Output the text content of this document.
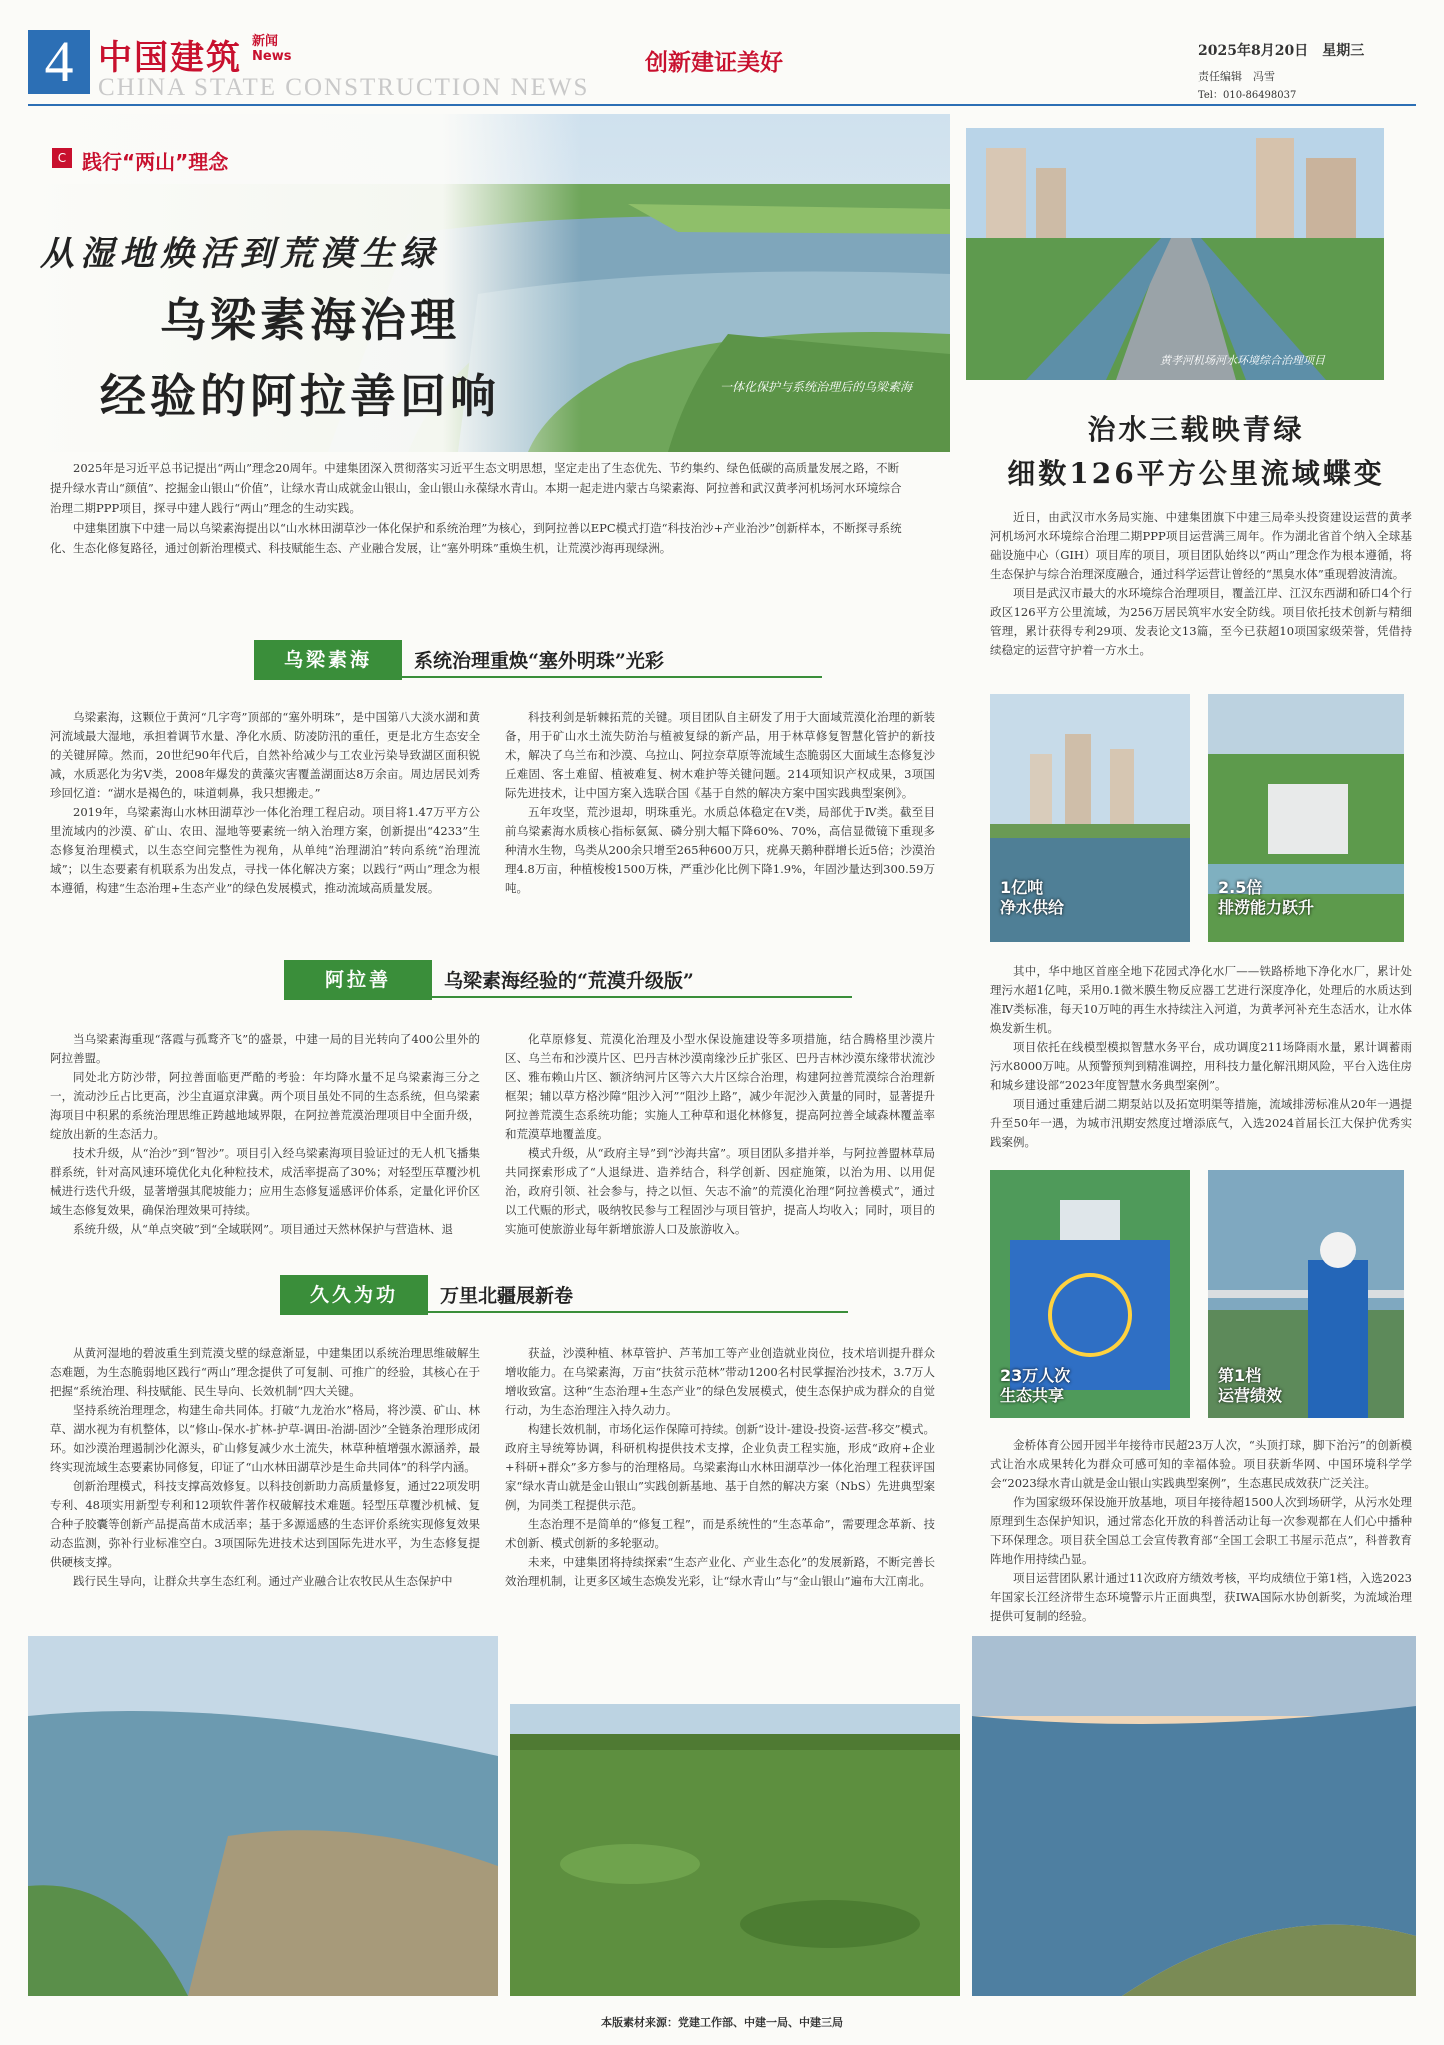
4 中国建筑 新闻
News
CHINA STATE CONSTRUCTION NEWS
创新建证美好	2025年8月20日　星期三
责任编辑　冯雪
Tel：010-86498037
C 践行“两山”理念
从湿地焕活到荒漠生绿
乌梁素海治理
经验的阿拉善回响	一体化保护与系统治理后的乌梁素海

2025年是习近平总书记提出“两山”理念20周年。中建集团深入贯彻落实习近平生态文明思想，坚定走出了生态优先、节约集约、绿色低碳的高质量发展之路，不断提升绿水青山“颜值”、挖掘金山银山“价值”，让绿水青山成就金山银山，金山银山永葆绿水青山。本期一起走进内蒙古乌梁素海、阿拉善和武汉黄孝河机场河水环境综合治理二期PPP项目，探寻中建人践行“两山”理念的生动实践。

中建集团旗下中建一局以乌梁素海提出以“山水林田湖草沙一体化保护和系统治理”为核心，到阿拉善以EPC模式打造“科技治沙+产业治沙”创新样本，不断探寻系统化、生态化修复路径，通过创新治理模式、科技赋能生态、产业融合发展，让“塞外明珠”重焕生机，让荒漠沙海再现绿洲。

乌梁素海	系统治理重焕“塞外明珠”光彩

乌梁素海，这颗位于黄河“几字弯”顶部的“塞外明珠”，是中国第八大淡水湖和黄河流域最大湿地，承担着调节水量、净化水质、防凌防汛的重任，更是北方生态安全的关键屏障。然而，20世纪90年代后，自然补给减少与工农业污染导致湖区面积锐减，水质恶化为劣Ⅴ类，2008年爆发的黄藻灾害覆盖湖面达8万余亩。周边居民刘秀珍回忆道：“湖水是褐色的，味道刺鼻，我只想搬走。”

2019年，乌梁素海山水林田湖草沙一体化治理工程启动。项目将1.47万平方公里流域内的沙漠、矿山、农田、湿地等要素统一纳入治理方案，创新提出“4233”生态修复治理模式，以生态空间完整性为视角，从单纯“治理湖泊”转向系统“治理流域”；以生态要素有机联系为出发点，寻找一体化解决方案；以践行“两山”理念为根本遵循，构建“生态治理+生态产业”的绿色发展模式，推动流域高质量发展。

科技利剑是斩棘拓荒的关键。项目团队自主研发了用于大面域荒漠化治理的新装备，用于矿山水土流失防治与植被复绿的新产品，用于林草修复智慧化管护的新技术，解决了乌兰布和沙漠、乌拉山、阿拉奈草原等流域生态脆弱区大面域生态修复沙丘难固、客土难留、植被难复、树木难护等关键问题。214项知识产权成果，3项国际先进技术，让中国方案入选联合国《基于自然的解决方案中国实践典型案例》。

五年攻坚，荒沙退却，明珠重光。水质总体稳定在Ⅴ类，局部优于Ⅳ类。截至目前乌梁素海水质核心指标氨氮、磷分别大幅下降60%、70%，高信显微镜下重现多种清水生物，鸟类从200余只增至265种600万只，疣鼻天鹅种群增长近5倍；沙漠治理4.8万亩，种植梭梭1500万株，严重沙化比例下降1.9%，年固沙量达到300.59万吨。

阿拉善	乌梁素海经验的“荒漠升级版”

当乌梁素海重现“落霞与孤鹜齐飞”的盛景，中建一局的目光转向了400公里外的阿拉善盟。

同处北方防沙带，阿拉善面临更严酷的考验：年均降水量不足乌梁素海三分之一，流动沙丘占比更高，沙尘直逼京津冀。两个项目虽处不同的生态系统，但乌梁素海项目中积累的系统治理思维正跨越地域界限，在阿拉善荒漠治理项目中全面升级，绽放出新的生态活力。

技术升级，从“治沙”到“智沙”。项目引入经乌梁素海项目验证过的无人机飞播集群系统，针对高风速环境优化丸化种粒技术，成活率提高了30%；对轻型压草覆沙机械进行迭代升级，显著增强其爬坡能力；应用生态修复遥感评价体系，定量化评价区域生态修复效果，确保治理效果可持续。

系统升级，从“单点突破”到“全域联网”。项目通过天然林保护与营造林、退

化草原修复、荒漠化治理及小型水保设施建设等多项措施，结合腾格里沙漠片区、乌兰布和沙漠片区、巴丹吉林沙漠南缘沙丘扩张区、巴丹吉林沙漠东缘带状流沙区、雅布赖山片区、额济纳河片区等六大片区综合治理，构建阿拉善荒漠综合治理新框架；辅以草方格沙障“阻沙入河”“阻沙上路”，减少年泥沙入黄量的同时，显著提升阿拉善荒漠生态系统功能；实施人工种草和退化林修复，提高阿拉善全域森林覆盖率和荒漠草地覆盖度。

模式升级，从“政府主导”到“沙海共富”。项目团队多措并举，与阿拉善盟林草局共同探索形成了“人退绿进、造养结合，科学创新、因症施策，以治为用、以用促治，政府引领、社会参与，持之以恒、矢志不渝”的荒漠化治理“阿拉善模式”，通过以工代赈的形式，吸纳牧民参与工程固沙与项目管护，提高人均收入；同时，项目的实施可使旅游业每年新增旅游人口及旅游收入。

久久为功	万里北疆展新卷

从黄河湿地的碧波重生到荒漠戈壁的绿意渐显，中建集团以系统治理思维破解生态难题，为生态脆弱地区践行“两山”理念提供了可复制、可推广的经验，其核心在于把握“系统治理、科技赋能、民生导向、长效机制”四大关键。

坚持系统治理理念，构建生命共同体。打破“九龙治水”格局，将沙漠、矿山、林草、湖水视为有机整体，以“修山-保水-扩林-护草-调田-治湖-固沙”全链条治理形成闭环。如沙漠治理遏制沙化源头，矿山修复减少水土流失，林草种植增强水源涵养，最终实现流域生态要素协同修复，印证了“山水林田湖草沙是生命共同体”的科学内涵。

创新治理模式，科技支撑高效修复。以科技创新助力高质量修复，通过22项发明专利、48项实用新型专利和12项软件著作权破解技术难题。轻型压草覆沙机械、复合种子胶囊等创新产品提高苗木成活率；基于多源遥感的生态评价系统实现修复效果动态监测，弥补行业标准空白。3项国际先进技术达到国际先进水平，为生态修复提供硬核支撑。

践行民生导向，让群众共享生态红利。通过产业融合让农牧民从生态保护中

获益，沙漠种植、林草管护、芦苇加工等产业创造就业岗位，技术培训提升群众增收能力。在乌梁素海，万亩“扶贫示范林”带动1200名村民掌握治沙技术，3.7万人增收致富。这种“生态治理+生态产业”的绿色发展模式，使生态保护成为群众的自觉行动，为生态治理注入持久动力。

构建长效机制，市场化运作保障可持续。创新“设计-建设-投资-运营-移交”模式。政府主导统筹协调，科研机构提供技术支撑，企业负责工程实施，形成“政府+企业+科研+群众”多方参与的治理格局。乌梁素海山水林田湖草沙一体化治理工程获评国家“绿水青山就是金山银山”实践创新基地、基于自然的解决方案（NbS）先进典型案例，为同类工程提供示范。

生态治理不是简单的“修复工程”，而是系统性的“生态革命”，需要理念革新、技术创新、模式创新的多轮驱动。

未来，中建集团将持续探索“生态产业化、产业生态化”的发展新路，不断完善长效治理机制，让更多区域生态焕发光彩，让“绿水青山”与“金山银山”遍布大江南北。

黄孝河机场河水环境综合治理项目
治水三载映青绿
细数126平方公里流域蝶变

近日，由武汉市水务局实施、中建集团旗下中建三局牵头投资建设运营的黄孝河机场河水环境综合治理二期PPP项目运营满三周年。作为湖北省首个纳入全球基础设施中心（GIH）项目库的项目，项目团队始终以“两山”理念作为根本遵循，将生态保护与综合治理深度融合，通过科学运营让曾经的“黑臭水体”重现碧波清流。

项目是武汉市最大的水环境综合治理项目，覆盖江岸、江汉东西湖和硚口4个行政区126平方公里流域，为256万居民筑牢水安全防线。项目依托技术创新与精细管理，累计获得专利29项、发表论文13篇，至今已获超10项国家级荣誉，凭借持续稳定的运营守护着一方水土。

1亿吨
净水供给
2.5倍
排涝能力跃升

其中，华中地区首座全地下花园式净化水厂——铁路桥地下净化水厂，累计处理污水超1亿吨，采用0.1微米膜生物反应器工艺进行深度净化，处理后的水质达到准Ⅳ类标准，每天10万吨的再生水持续注入河道，为黄孝河补充生态活水，让水体焕发新生机。

项目依托在线模型模拟智慧水务平台，成功调度211场降雨水量，累计调蓄雨污水8000万吨。从预警预判到精准调控，用科技力量化解汛期风险，平台入选住房和城乡建设部“2023年度智慧水务典型案例”。

项目通过重建后湖二期泵站以及拓宽明渠等措施，流域排涝标准从20年一遇提升至50年一遇，为城市汛期安然度过增添底气，入选2024首届长江大保护优秀实践案例。

23万人次
生态共享
第1档
运营绩效

金桥体育公园开园半年接待市民超23万人次，“头顶打球，脚下治污”的创新模式让治水成果转化为群众可感可知的幸福体验。项目获新华网、中国环境科学学会“2023绿水青山就是金山银山实践典型案例”，生态惠民成效获广泛关注。

作为国家级环保设施开放基地，项目年接待超1500人次到场研学，从污水处理原理到生态保护知识，通过常态化开放的科普活动让每一次参观都在人们心中播种下环保理念。项目获全国总工会宣传教育部“全国工会职工书屋示范点”，科普教育阵地作用持续凸显。

项目运营团队累计通过11次政府方绩效考核，平均成绩位于第1档，入选2023年国家长江经济带生态环境警示片正面典型，获IWA国际水协创新奖，为流域治理提供可复制的经验。

本版素材来源：党建工作部、中建一局、中建三局
